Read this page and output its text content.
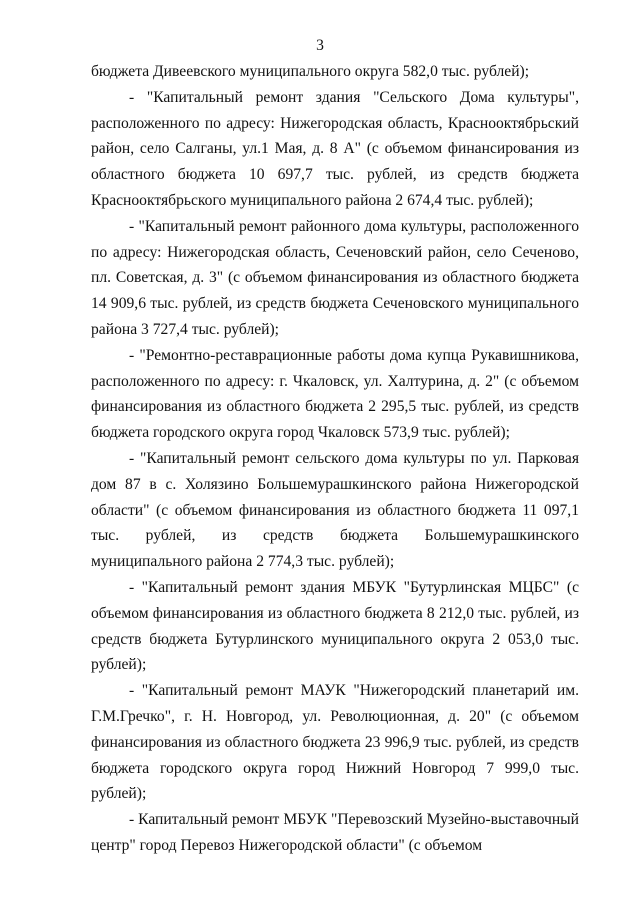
3

бюджета Дивеевского муниципального округа 582,0 тыс. рублей);

- "Капитальный ремонт здания "Сельского Дома культуры", расположенного по адресу: Нижегородская область, Краснооктябрьский район, село Салганы, ул.1 Мая, д. 8 А" (с объемом финансирования из областного бюджета 10 697,7 тыс. рублей, из средств бюджета Краснооктябрьского муниципального района 2 674,4 тыс. рублей);

- "Капитальный ремонт районного дома культуры, расположенного по адресу: Нижегородская область, Сеченовский район, село Сеченово, пл. Советская, д. 3" (с объемом финансирования из областного бюджета 14 909,6 тыс. рублей, из средств бюджета Сеченовского муниципального района 3 727,4 тыс. рублей);

- "Ремонтно-реставрационные работы дома купца Рукавишникова, расположенного по адресу: г. Чкаловск, ул. Халтурина, д. 2" (с объемом финансирования из областного бюджета 2 295,5 тыс. рублей, из средств бюджета городского округа город Чкаловск 573,9 тыс. рублей);

- "Капитальный ремонт сельского дома культуры по ул. Парковая дом 87 в с. Холязино Большемурашкинского района Нижегородской области" (с объемом финансирования из областного бюджета 11 097,1 тыс. рублей, из средств бюджета Большемурашкинского муниципального района 2 774,3 тыс. рублей);

- "Капитальный ремонт здания МБУК "Бутурлинская МЦБС" (с объемом финансирования из областного бюджета 8 212,0 тыс. рублей, из средств бюджета Бутурлинского муниципального округа 2 053,0 тыс. рублей);

- "Капитальный ремонт МАУК "Нижегородский планетарий им. Г.М.Гречко", г. Н. Новгород, ул. Революционная, д. 20" (с объемом финансирования из областного бюджета 23 996,9 тыс. рублей, из средств бюджета городского округа город Нижний Новгород 7 999,0 тыс. рублей);

- Капитальный ремонт МБУК "Перевозский Музейно-выставочный центр" город Перевоз Нижегородской области" (с объемом
